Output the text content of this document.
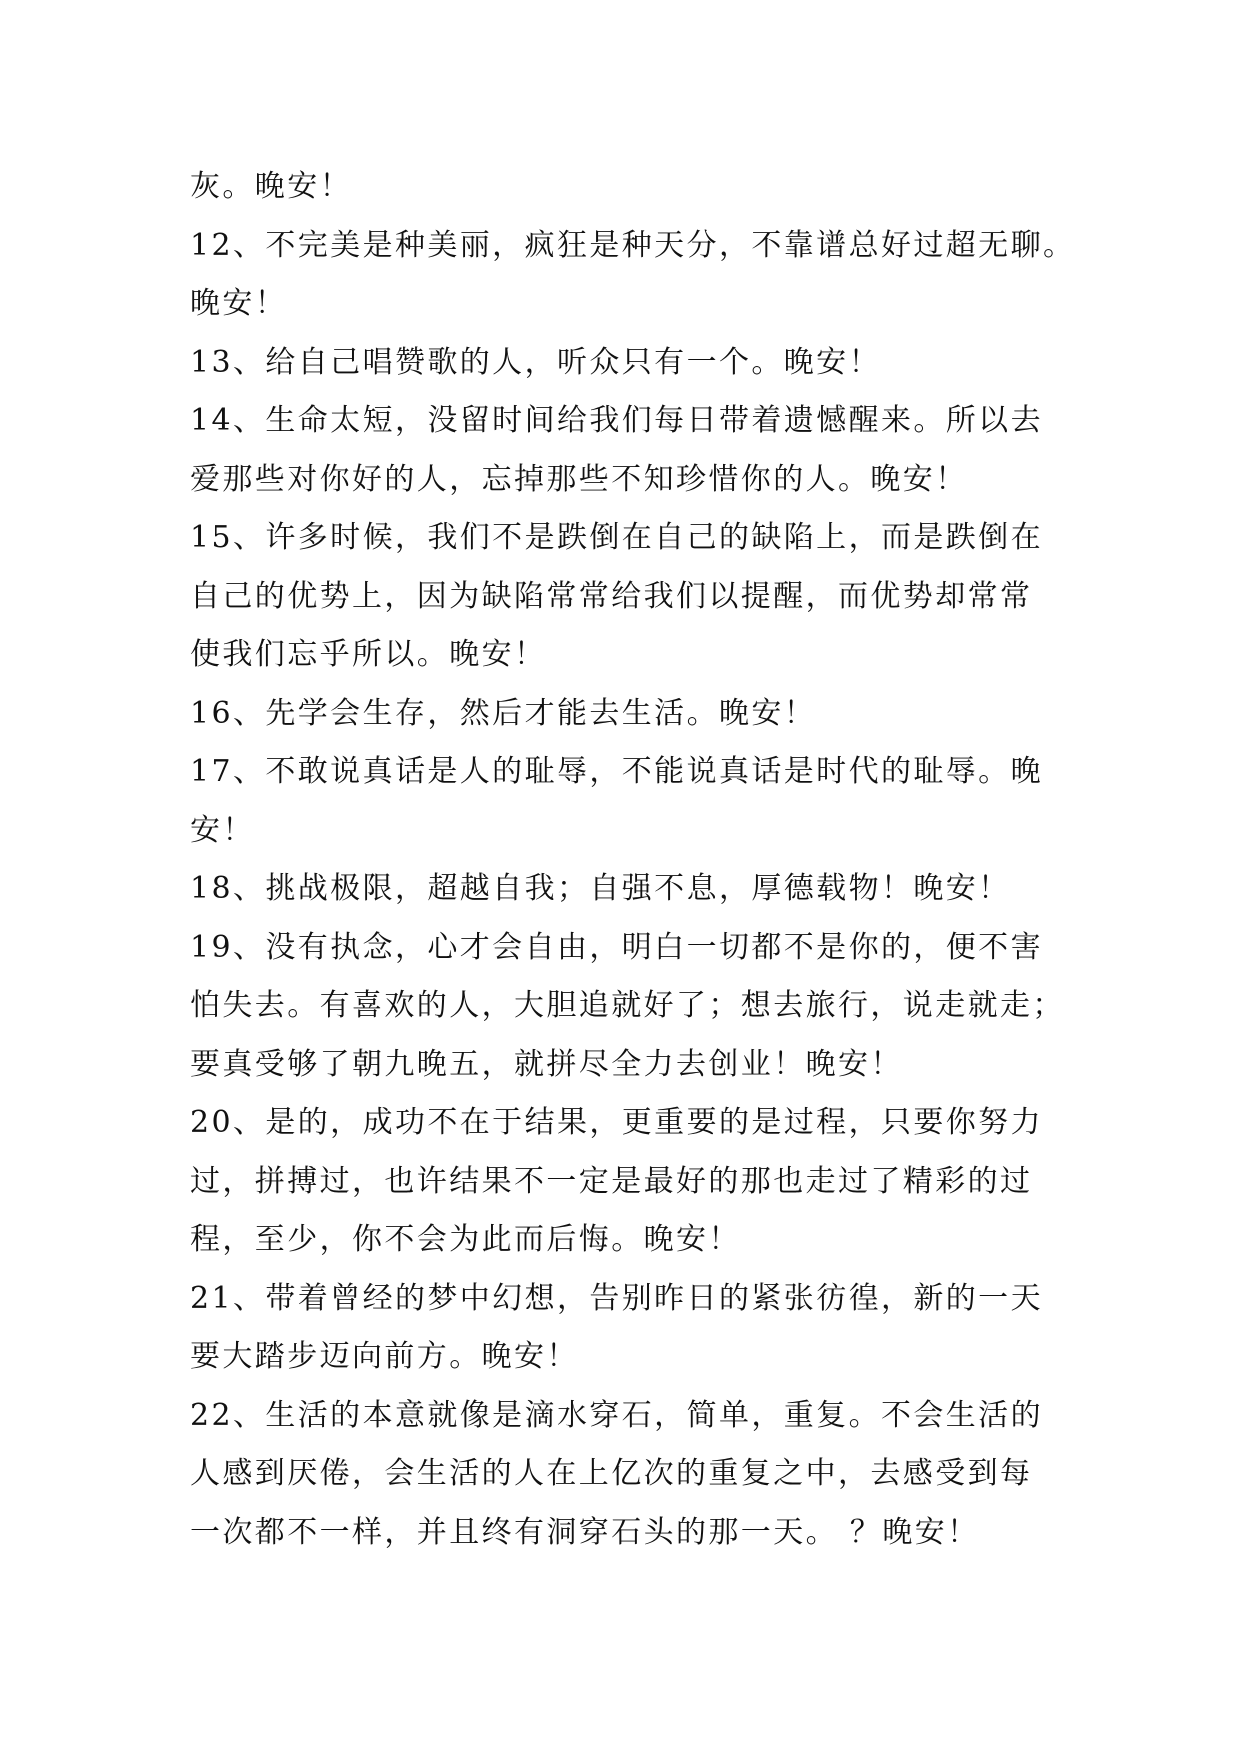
灰。晚安！
12、不完美是种美丽，疯狂是种天分，不靠谱总好过超无聊。
晚安！
13、给自己唱赞歌的人，听众只有一个。晚安！
14、生命太短，没留时间给我们每日带着遗憾醒来。所以去
爱那些对你好的人，忘掉那些不知珍惜你的人。晚安！
15、许多时候，我们不是跌倒在自己的缺陷上，而是跌倒在
自己的优势上，因为缺陷常常给我们以提醒，而优势却常常
使我们忘乎所以。晚安！
16、先学会生存，然后才能去生活。晚安！
17、不敢说真话是人的耻辱，不能说真话是时代的耻辱。晚
安！
18、挑战极限，超越自我；自强不息，厚德载物！晚安！
19、没有执念，心才会自由，明白一切都不是你的，便不害
怕失去。有喜欢的人，大胆追就好了；想去旅行，说走就走；
要真受够了朝九晚五，就拼尽全力去创业！晚安！
20、是的，成功不在于结果，更重要的是过程，只要你努力
过，拼搏过，也许结果不一定是最好的那也走过了精彩的过
程，至少，你不会为此而后悔。晚安！
21、带着曾经的梦中幻想，告别昨日的紧张彷徨，新的一天
要大踏步迈向前方。晚安！
22、生活的本意就像是滴水穿石，简单，重复。不会生活的
人感到厌倦，会生活的人在上亿次的重复之中，去感受到每
一次都不一样，并且终有洞穿石头的那一天。 ？晚安！
